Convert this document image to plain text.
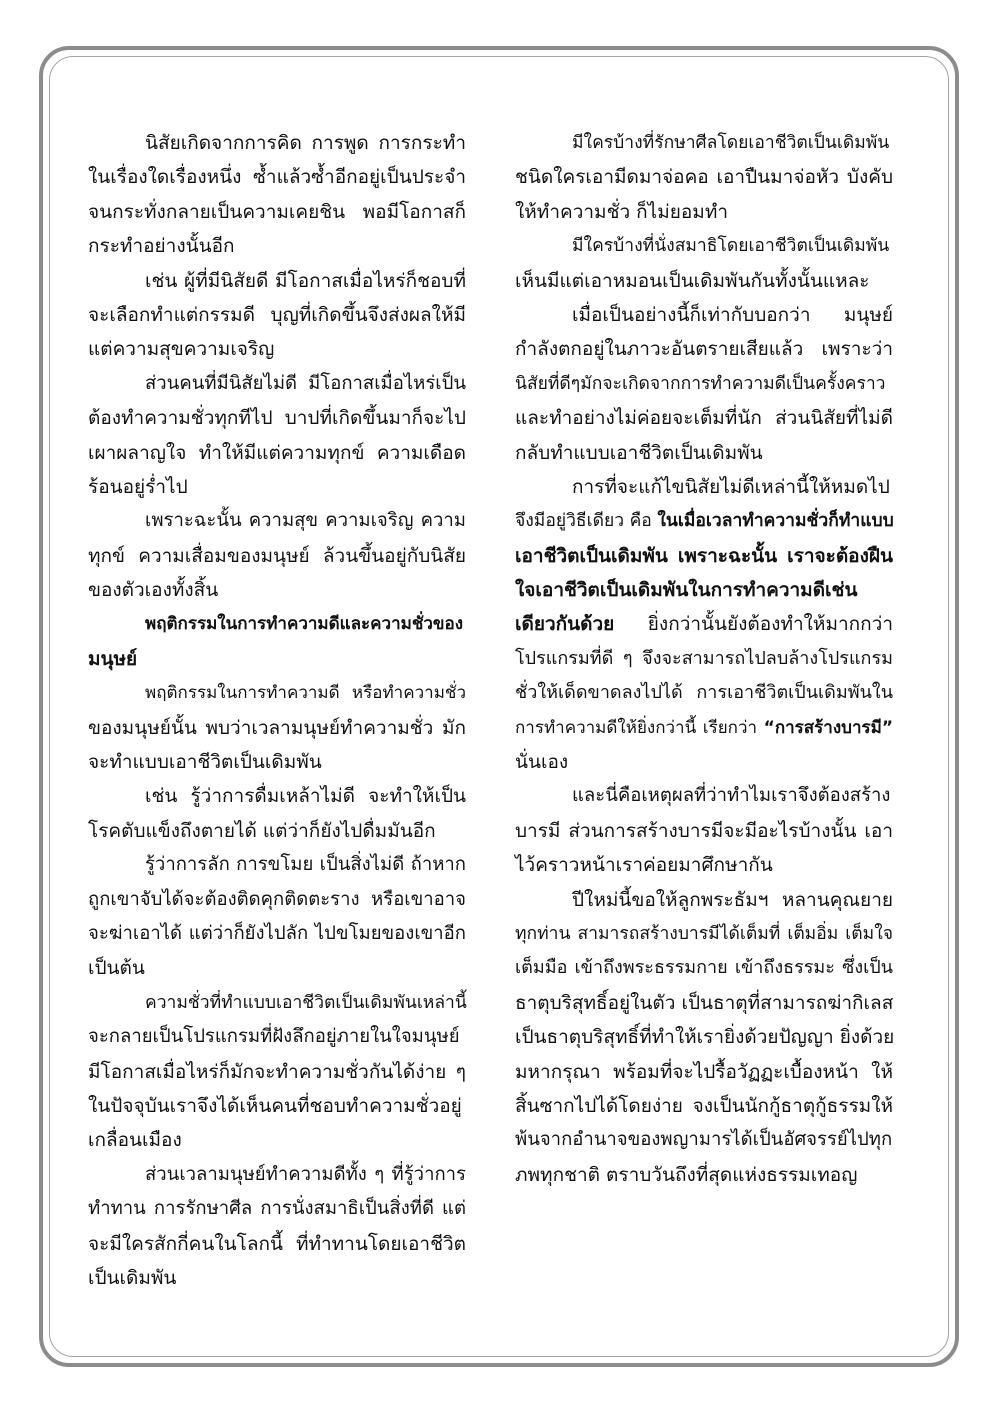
นิสัยเกิดจากการคิด การพูด การกระทำ
ในเรื่องใดเรื่องหนึ่ง ซ้ำแล้วซ้ำอีกอยู่เป็นประจำ
จนกระทั่งกลายเป็นความเคยชิน พอมีโอกาสก็
กระทำอย่างนั้นอีก
เช่น ผู้ที่มีนิสัยดี มีโอกาสเมื่อไหร่ก็ชอบที่
จะเลือกทำแต่กรรมดี บุญที่เกิดขึ้นจึงส่งผลให้มี
แต่ความสุขความเจริญ
ส่วนคนที่มีนิสัยไม่ดี มีโอกาสเมื่อไหร่เป็น
ต้องทำความชั่วทุกทีไป บาปที่เกิดขึ้นมาก็จะไป
เผาผลาญใจ ทำให้มีแต่ความทุกข์ ความเดือด
ร้อนอยู่ร่ำไป
เพราะฉะนั้น ความสุข ความเจริญ ความ
ทุกข์ ความเสื่อมของมนุษย์ ล้วนขึ้นอยู่กับนิสัย
ของตัวเองทั้งสิ้น
พฤติกรรมในการทำความดีและความชั่วของ
มนุษย์
พฤติกรรมในการทำความดี หรือทำความชั่ว
ของมนุษย์นั้น พบว่าเวลามนุษย์ทำความชั่ว มัก
จะทำแบบเอาชีวิตเป็นเดิมพัน
เช่น รู้ว่าการดื่มเหล้าไม่ดี จะทำให้เป็น
โรคตับแข็งถึงตายได้ แต่ว่าก็ยังไปดื่มมันอีก
รู้ว่าการลัก การขโมย เป็นสิ่งไม่ดี ถ้าหาก
ถูกเขาจับได้จะต้องติดคุกติดตะราง หรือเขาอาจ
จะฆ่าเอาได้ แต่ว่าก็ยังไปลัก ไปขโมยของเขาอีก
เป็นต้น
ความชั่วที่ทำแบบเอาชีวิตเป็นเดิมพันเหล่านี้
จะกลายเป็นโปรแกรมที่ฝังลึกอยู่ภายในใจมนุษย์
มีโอกาสเมื่อไหร่ก็มักจะทำความชั่วกันได้ง่าย ๆ
ในปัจจุบันเราจึงได้เห็นคนที่ชอบทำความชั่วอยู่
เกลื่อนเมือง
ส่วนเวลามนุษย์ทำความดีทั้ง ๆ ที่รู้ว่าการ
ทำทาน การรักษาศีล การนั่งสมาธิเป็นสิ่งที่ดี แต่
จะมีใครสักกี่คนในโลกนี้ ที่ทำทานโดยเอาชีวิต
เป็นเดิมพัน
มีใครบ้างที่รักษาศีลโดยเอาชีวิตเป็นเดิมพัน
ชนิดใครเอามีดมาจ่อคอ เอาปืนมาจ่อหัว บังคับ
ให้ทำความชั่ว ก็ไม่ยอมทำ
มีใครบ้างที่นั่งสมาธิโดยเอาชีวิตเป็นเดิมพัน
เห็นมีแต่เอาหมอนเป็นเดิมพันกันทั้งนั้นแหละ
เมื่อเป็นอย่างนี้ก็เท่ากับบอกว่า มนุษย์
กำลังตกอยู่ในภาวะอันตรายเสียแล้ว เพราะว่า
นิสัยที่ดีๆมักจะเกิดจากการทำความดีเป็นครั้งคราว
และทำอย่างไม่ค่อยจะเต็มที่นัก ส่วนนิสัยที่ไม่ดี
กลับทำแบบเอาชีวิตเป็นเดิมพัน
การที่จะแก้ไขนิสัยไม่ดีเหล่านี้ให้หมดไป
จึงมีอยู่วิธีเดียว คือ ในเมื่อเวลาทำความชั่วก็ทำแบบ
เอาชีวิตเป็นเดิมพัน เพราะฉะนั้น เราจะต้องฝืน
ใจเอาชีวิตเป็นเดิมพันในการทำความดีเช่น
เดียวกันด้วย ยิ่งกว่านั้นยังต้องทำให้มากกว่า
โปรแกรมที่ดี ๆ จึงจะสามารถไปลบล้างโปรแกรม
ชั่วให้เด็ดขาดลงไปได้ การเอาชีวิตเป็นเดิมพันใน
การทำความดีให้ยิ่งกว่านี้ เรียกว่า “การสร้างบารมี”
นั่นเอง
และนี่คือเหตุผลที่ว่าทำไมเราจึงต้องสร้าง
บารมี ส่วนการสร้างบารมีจะมีอะไรบ้างนั้น เอา
ไว้คราวหน้าเราค่อยมาศึกษากัน
ปีใหม่นี้ขอให้ลูกพระธัมฯ หลานคุณยาย
ทุกท่าน สามารถสร้างบารมีได้เต็มที่ เต็มอิ่ม เต็มใจ
เต็มมือ เข้าถึงพระธรรมกาย เข้าถึงธรรมะ ซึ่งเป็น
ธาตุบริสุทธิ์อยู่ในตัว เป็นธาตุที่สามารถฆ่ากิเลส
เป็นธาตุบริสุทธิ์ที่ทำให้เรายิ่งด้วยปัญญา ยิ่งด้วย
มหากรุณา พร้อมที่จะไปรื้อวัฏฏะเบื้องหน้า ให้
สิ้นซากไปได้โดยง่าย จงเป็นนักกู้ธาตุกู้ธรรมให้
พ้นจากอำนาจของพญามารได้เป็นอัศจรรย์ไปทุก
ภพทุกชาติ ตราบวันถึงที่สุดแห่งธรรมเทอญ
